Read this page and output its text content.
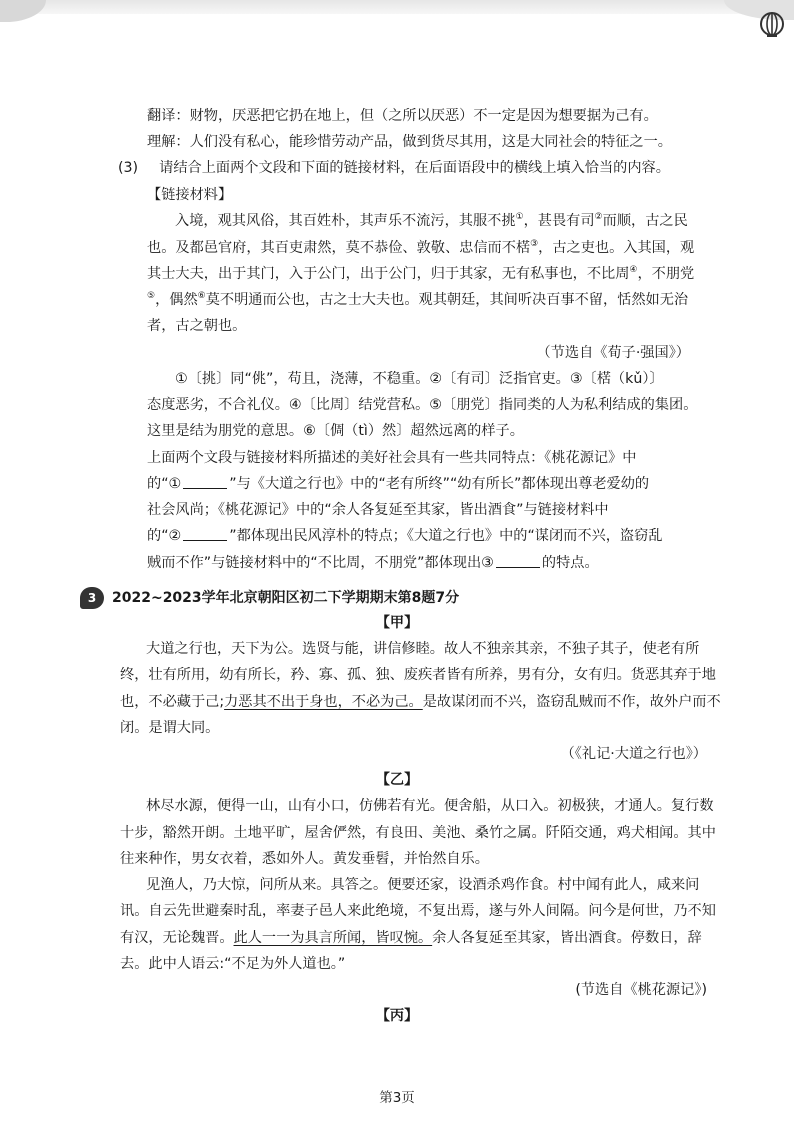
翻译：财物，厌恶把它扔在地上，但（之所以厌恶）不一定是因为想要据为己有。
理解：人们没有私心，能珍惜劳动产品，做到货尽其用，这是大同社会的特征之一。
(3) 请结合上面两个文段和下面的链接材料，在后面语段中的横线上填入恰当的内容。
【链接材料】
入境，观其风俗，其百姓朴，其声乐不流污，其服不挑①，甚畏有司②而顺，古之民
也。及都邑官府，其百吏肃然，莫不恭俭、敦敬、忠信而不楛③，古之吏也。入其国，观
其士大夫，出于其门，入于公门，出于公门，归于其家，无有私事也，不比周④，不朋党
⑤，偶然⑥莫不明通而公也，古之士大夫也。观其朝廷，其间听决百事不留，恬然如无治
者，古之朝也。
（节选自《荀子·强国》）
①〔挑〕同“佻”，苟且，浇薄，不稳重。②〔有司〕泛指官吏。③〔楛（kǔ）〕
态度恶劣，不合礼仪。④〔比周〕结党营私。⑤〔朋党〕指同类的人为私利结成的集团。
这里是结为朋党的意思。⑥〔倜（tì）然〕超然远离的样子。
上面两个文段与链接材料所描述的美好社会具有一些共同特点：《桃花源记》中
的“①	”与《大道之行也》中的“老有所终”“幼有所长”都体现出尊老爱幼的
社会风尚；《桃花源记》中的“余人各复延至其家，皆出酒食”与链接材料中
的“②	”都体现出民风淳朴的特点；《大道之行也》中的“谋闭而不兴，盗窃乱
贼而不作”与链接材料中的“不比周，不朋党”都体现出③	的特点。
3	2022~2023学年北京朝阳区初二下学期期末第8题7分
【甲】
大道之行也，天下为公。选贤与能，讲信修睦。故人不独亲其亲，不独子其子，使老有所
终，壮有所用，幼有所长，矜、寡、孤、独、废疾者皆有所养，男有分，女有归。货恶其弃于地
也，不必藏于己;力恶其不出于身也，不必为己。是故谋闭而不兴，盗窃乱贼而不作，故外户而不
闭。是谓大同。
（《礼记·大道之行也》）
【乙】
林尽水源，便得一山，山有小口，仿佛若有光。便舍船，从口入。初极狭，才通人。复行数
十步，豁然开朗。土地平旷，屋舍俨然，有良田、美池、桑竹之属。阡陌交通，鸡犬相闻。其中
往来种作，男女衣着，悉如外人。黄发垂髫，并怡然自乐。
见渔人，乃大惊，问所从来。具答之。便要还家，设酒杀鸡作食。村中闻有此人，咸来问
讯。自云先世避秦时乱，率妻子邑人来此绝境，不复出焉，遂与外人间隔。问今是何世，乃不知
有汉，无论魏晋。此人一一为具言所闻，皆叹惋。余人各复延至其家，皆出酒食。停数日，辞
去。此中人语云:“不足为外人道也。”
(节选自《桃花源记》)
【丙】
第3页
